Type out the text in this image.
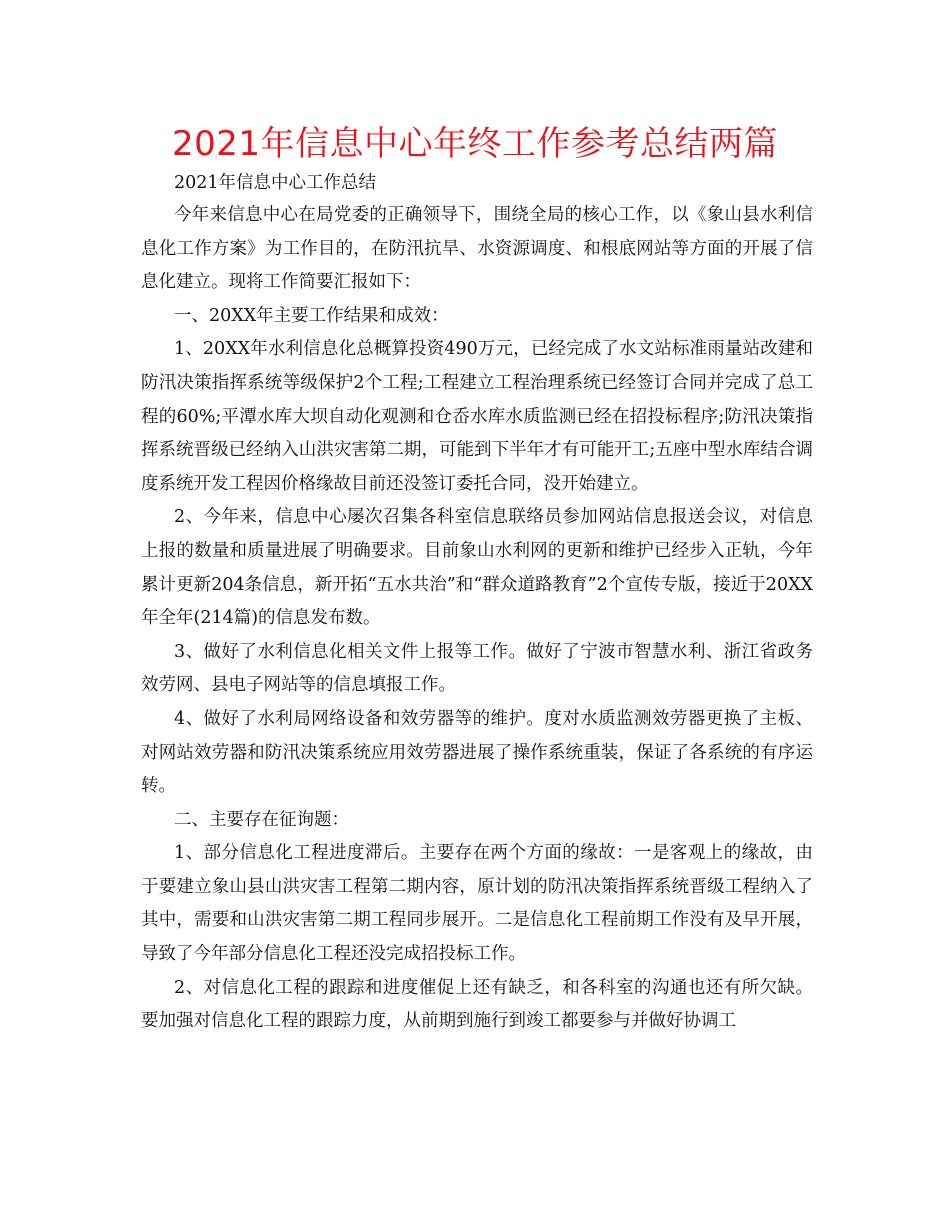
2021年信息中心年终工作参考总结两篇

2021年信息中心工作总结

今年来信息中心在局党委的正确领导下，围绕全局的核心工作，以《象山县水利信息化工作方案》为工作目的，在防汛抗旱、水资源调度、和根底网站等方面的开展了信息化建立。现将工作简要汇报如下：

一、20XX年主要工作结果和成效：

1、20XX年水利信息化总概算投资490万元，已经完成了水文站标准雨量站改建和防汛决策指挥系统等级保护2个工程;工程建立工程治理系统已经签订合同并完成了总工程的60%;平潭水库大坝自动化观测和仓岙水库水质监测已经在招投标程序;防汛决策指挥系统晋级已经纳入山洪灾害第二期，可能到下半年才有可能开工;五座中型水库结合调度系统开发工程因价格缘故目前还没签订委托合同，没开始建立。

2、今年来，信息中心屡次召集各科室信息联络员参加网站信息报送会议，对信息上报的数量和质量进展了明确要求。目前象山水利网的更新和维护已经步入正轨，今年累计更新204条信息，新开拓“五水共治”和“群众道路教育”2个宣传专版，接近于20XX年全年(214篇)的信息发布数。

3、做好了水利信息化相关文件上报等工作。做好了宁波市智慧水利、浙江省政务效劳网、县电子网站等的信息填报工作。

4、做好了水利局网络设备和效劳器等的维护。度对水质监测效劳器更换了主板、对网站效劳器和防汛决策系统应用效劳器进展了操作系统重装，保证了各系统的有序运转。

二、主要存在征询题：

1、部分信息化工程进度滞后。主要存在两个方面的缘故：一是客观上的缘故，由于要建立象山县山洪灾害工程第二期内容，原计划的防汛决策指挥系统晋级工程纳入了其中，需要和山洪灾害第二期工程同步展开。二是信息化工程前期工作没有及早开展，导致了今年部分信息化工程还没完成招投标工作。

2、对信息化工程的跟踪和进度催促上还有缺乏，和各科室的沟通也还有所欠缺。要加强对信息化工程的跟踪力度，从前期到施行到竣工都要参与并做好协调工
